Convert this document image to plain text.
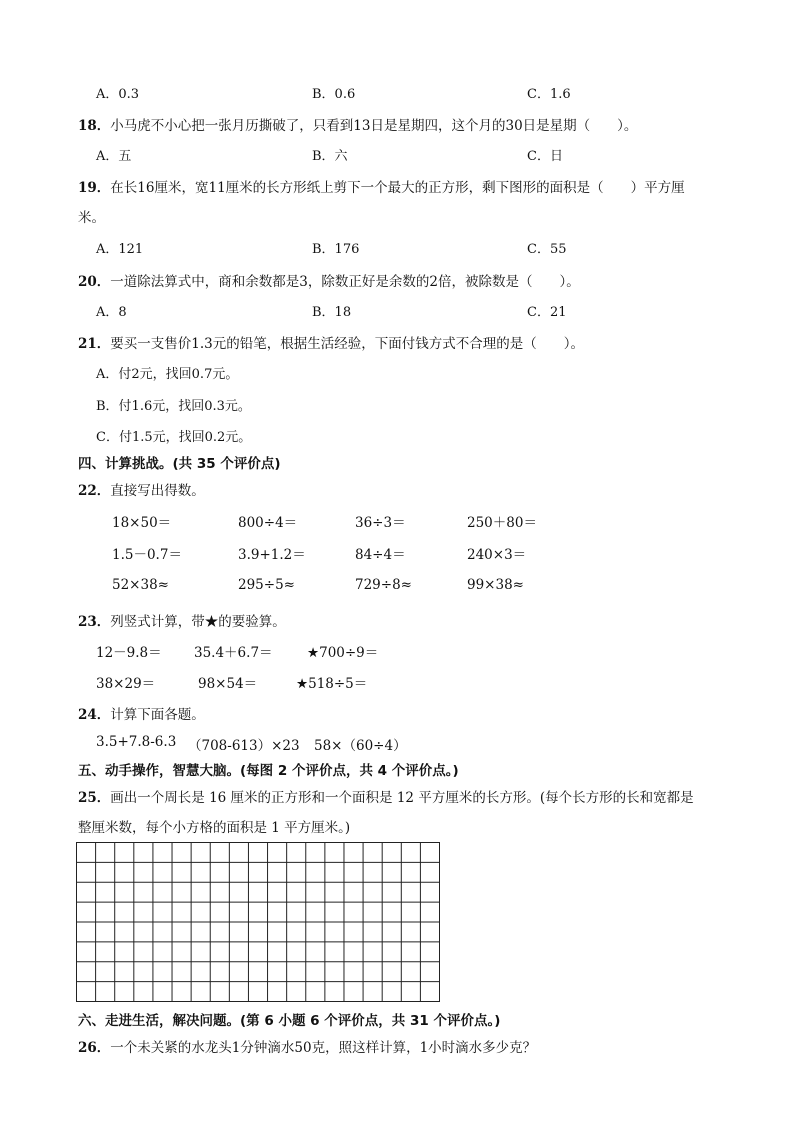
A．0.3	B．0.6	C．1.6
18．小马虎不小心把一张月历撕破了，只看到13日是星期四，这个月的30日是星期（　　）。
A．五	B．六	C．日
19．在长16厘米，宽11厘米的长方形纸上剪下一个最大的正方形，剩下图形的面积是（　　）平方厘
米。
A．121	B．176	C．55
20．一道除法算式中，商和余数都是3，除数正好是余数的2倍，被除数是（　　）。
A．8	B．18	C．21
21．要买一支售价1.3元的铅笔，根据生活经验，下面付钱方式不合理的是（　　）。
A．付2元，找回0.7元。
B．付1.6元，找回0.3元。
C．付1.5元，找回0.2元。
四、计算挑战。(共 35 个评价点)
22．直接写出得数。
18×50＝	800÷4＝	36÷3＝	250＋80＝
1.5－0.7＝	3.9+1.2＝	84÷4＝	240×3＝
52×38≈	295÷5≈	729÷8≈	99×38≈
23．列竖式计算，带★的要验算。
12－9.8＝ 35.4＋6.7＝	★700÷9＝
38×29＝	98×54＝	★518÷5＝
24．计算下面各题。
3.5+7.8-6.3 （708-613）×23 58×（60÷4）
五、动手操作，智慧大脑。(每图 2 个评价点，共 4 个评价点。)
25．画出一个周长是 16 厘米的正方形和一个面积是 12 平方厘米的长方形。(每个长方形的长和宽都是
整厘米数，每个小方格的面积是 1 平方厘米。)
六、走进生活，解决问题。(第 6 小题 6 个评价点，共 31 个评价点。)
26．一个未关紧的水龙头1分钟滴水50克，照这样计算，1小时滴水多少克？
